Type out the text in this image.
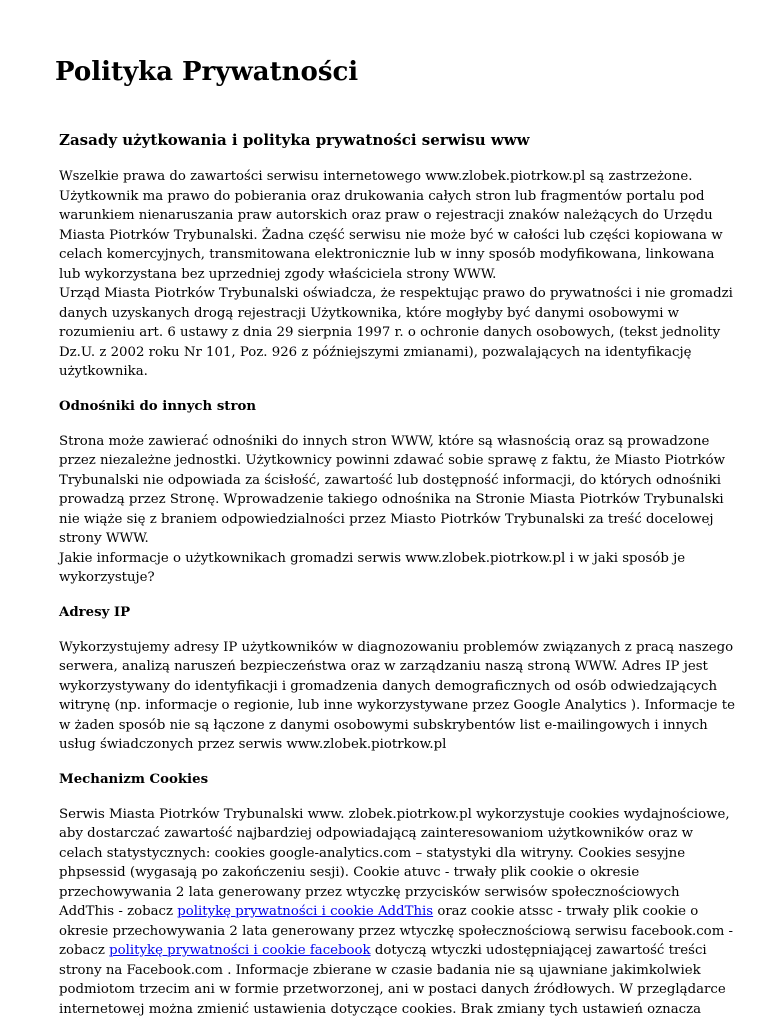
Polityka Prywatności
Zasady użytkowania i polityka prywatności serwisu www

Wszelkie prawa do zawartości serwisu internetowego www.zlobek.piotrkow.pl są zastrzeżone.
Użytkownik ma prawo do pobierania oraz drukowania całych stron lub fragmentów portalu pod
warunkiem nienaruszania praw autorskich oraz praw o rejestracji znaków należących do Urzędu
Miasta Piotrków Trybunalski. Żadna część serwisu nie może być w całości lub części kopiowana w
celach komercyjnych, transmitowana elektronicznie lub w inny sposób modyfikowana, linkowana
lub wykorzystana bez uprzedniej zgody właściciela strony WWW.
Urząd Miasta Piotrków Trybunalski oświadcza, że respektując prawo do prywatności i nie gromadzi
danych uzyskanych drogą rejestracji Użytkownika, które mogłyby być danymi osobowymi w
rozumieniu art. 6 ustawy z dnia 29 sierpnia 1997 r. o ochronie danych osobowych, (tekst jednolity
Dz.U. z 2002 roku Nr 101, Poz. 926 z późniejszymi zmianami), pozwalających na identyfikację
użytkownika.

Odnośniki do innych stron

Strona może zawierać odnośniki do innych stron WWW, które są własnością oraz są prowadzone
przez niezależne jednostki. Użytkownicy powinni zdawać sobie sprawę z faktu, że Miasto Piotrków
Trybunalski nie odpowiada za ścisłość, zawartość lub dostępność informacji, do których odnośniki
prowadzą przez Stronę. Wprowadzenie takiego odnośnika na Stronie Miasta Piotrków Trybunalski
nie wiąże się z braniem odpowiedzialności przez Miasto Piotrków Trybunalski za treść docelowej
strony WWW.
Jakie informacje o użytkownikach gromadzi serwis www.zlobek.piotrkow.pl i w jaki sposób je
wykorzystuje?

Adresy IP

Wykorzystujemy adresy IP użytkowników w diagnozowaniu problemów związanych z pracą naszego
serwera, analizą naruszeń bezpieczeństwa oraz w zarządzaniu naszą stroną WWW. Adres IP jest
wykorzystywany do identyfikacji i gromadzenia danych demograficznych od osób odwiedzających
witrynę (np. informacje o regionie, lub inne wykorzystywane przez Google Analytics ). Informacje te
w żaden sposób nie są łączone z danymi osobowymi subskrybentów list e-mailingowych i innych
usług świadczonych przez serwis www.zlobek.piotrkow.pl

Mechanizm Cookies

Serwis Miasta Piotrków Trybunalski www. zlobek.piotrkow.pl wykorzystuje cookies wydajnościowe,
aby dostarczać zawartość najbardziej odpowiadającą zainteresowaniom użytkowników oraz w
celach statystycznych: cookies google-analytics.com – statystyki dla witryny. Cookies sesyjne
phpsessid (wygasają po zakończeniu sesji). Cookie atuvc - trwały plik cookie o okresie
przechowywania 2 lata generowany przez wtyczkę przycisków serwisów społecznościowych
AddThis - zobacz politykę prywatności i cookie AddThis oraz cookie atssc - trwały plik cookie o
okresie przechowywania 2 lata generowany przez wtyczkę społecznościową serwisu facebook.com -
zobacz politykę prywatności i cookie facebook dotyczą wtyczki udostępniającej zawartość treści
strony na Facebook.com . Informacje zbierane w czasie badania nie są ujawniane jakimkolwiek
podmiotom trzecim ani w formie przetworzonej, ani w postaci danych źródłowych. W przeglądarce
internetowej można zmienić ustawienia dotyczące cookies. Brak zmiany tych ustawień oznacza
